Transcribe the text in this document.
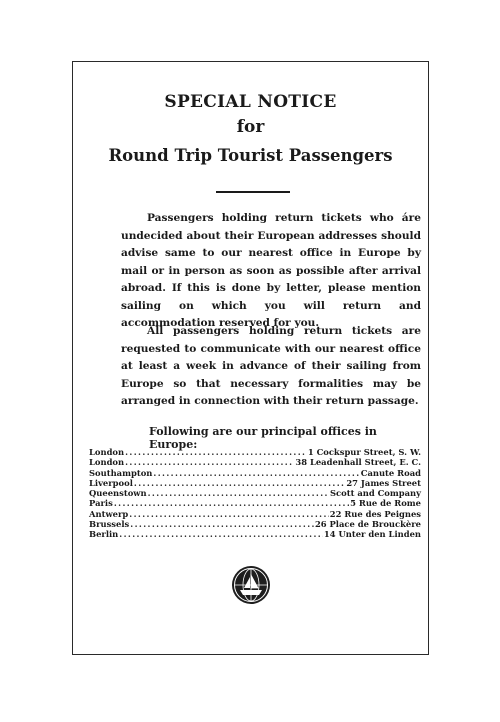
SPECIAL NOTICE
for
Round Trip Tourist Passengers
Passengers holding return tickets who áre undecided about their European addresses should advise same to our nearest office in Europe by mail or in person as soon as possible after arrival abroad. If this is done by letter, please mention sailing on which you will return and accommodation reserved for you.
All passengers holding return tickets are requested to communicate with our nearest office at least a week in advance of their sailing from Europe so that necessary formalities may be arranged in connection with their return passage.
Following are our principal offices in Europe:
London .....	1 Cockspur Street, S. W.
London .....	38 Leadenhall Street, E. C.
Southampton .....	Canute Road
Liverpool .....	27 James Street
Queenstown .....	Scott and Company
Paris .....	5 Rue de Rome
Antwerp .....	22 Rue des Peignes
Brussels .....	26 Place de Brouckère
Berlin .....	14 Unter den Linden
